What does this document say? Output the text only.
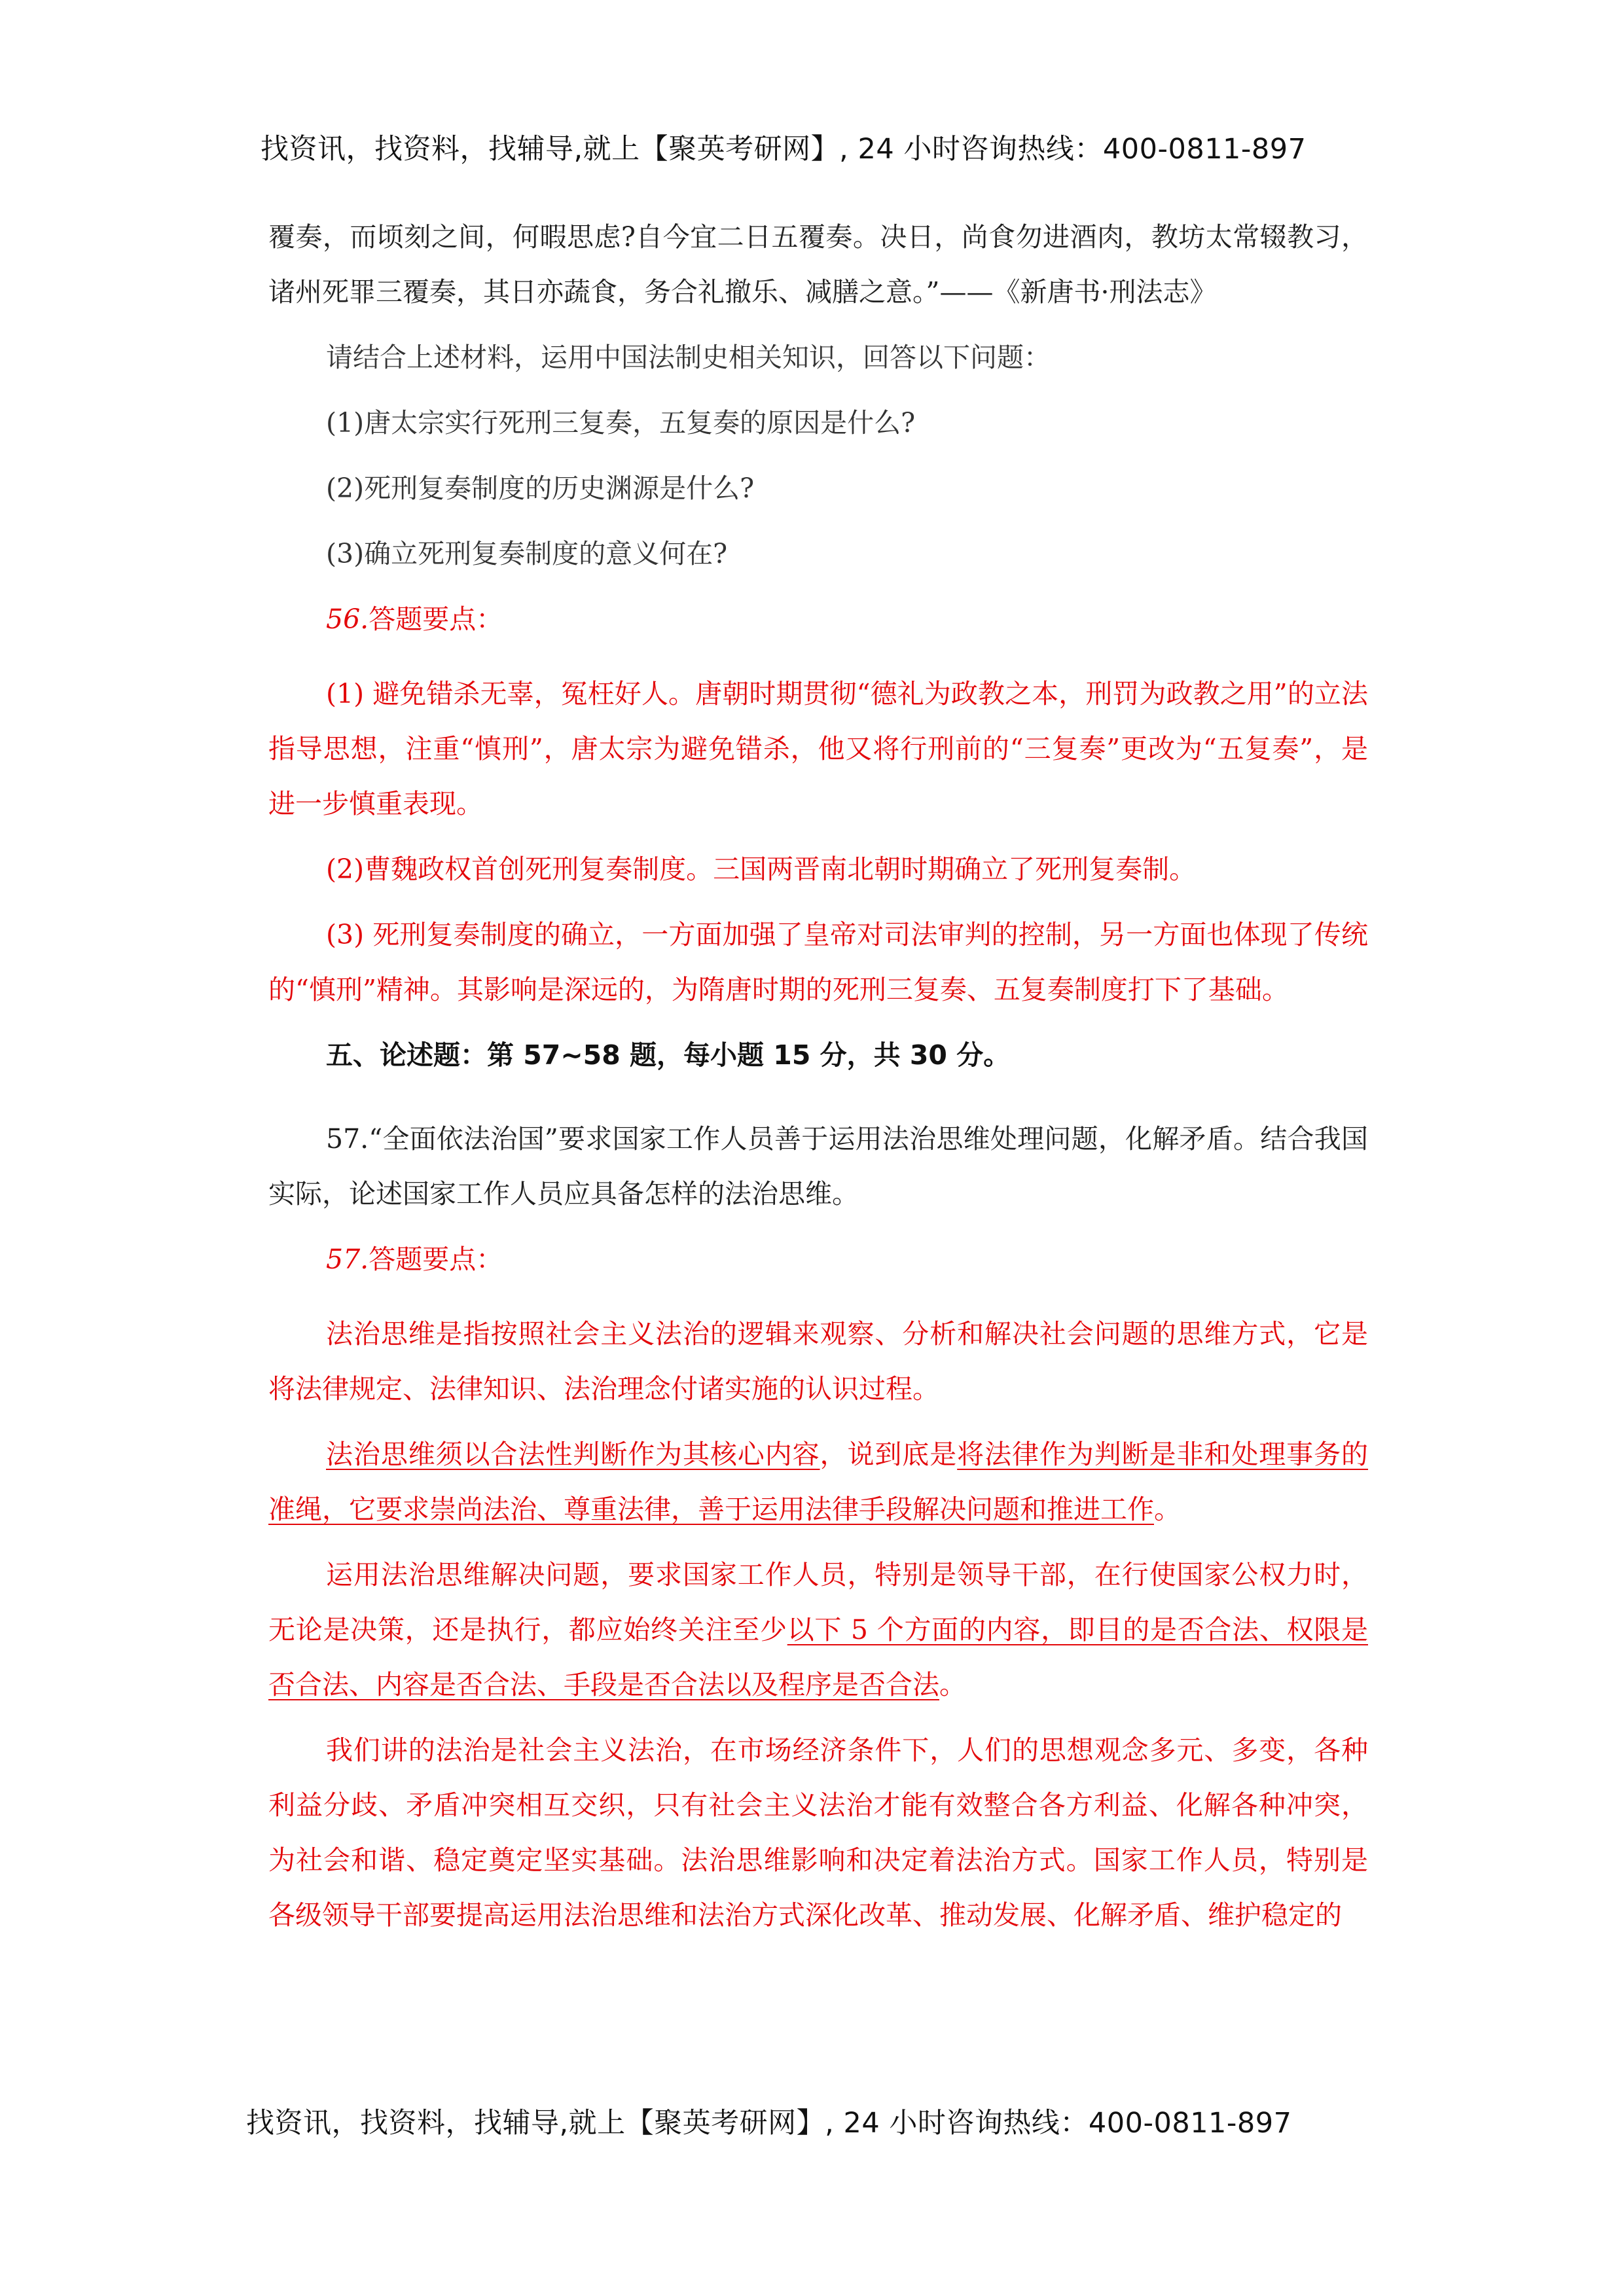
找资讯，找资料，找辅导,就上【聚英考研网】, 24 小时咨询热线：400-0811-897

覆奏，而顷刻之间，何暇思虑?自今宜二日五覆奏。决日，尚食勿进酒肉，教坊太常辍教习，诸州死罪三覆奏，其日亦蔬食，务合礼撤乐、减膳之意。”——《新唐书·刑法志》

请结合上述材料，运用中国法制史相关知识，回答以下问题：

(1)唐太宗实行死刑三复奏，五复奏的原因是什么?

(2)死刑复奏制度的历史渊源是什么?

(3)确立死刑复奏制度的意义何在?

56.答题要点：

(1) 避免错杀无辜，冤枉好人。唐朝时期贯彻“德礼为政教之本，刑罚为政教之用”的立法指导思想，注重“慎刑”，唐太宗为避免错杀，他又将行刑前的“三复奏”更改为“五复奏”，是进一步慎重表现。

(2)曹魏政权首创死刑复奏制度。三国两晋南北朝时期确立了死刑复奏制。

(3) 死刑复奏制度的确立，一方面加强了皇帝对司法审判的控制，另一方面也体现了传统的“慎刑”精神。其影响是深远的，为隋唐时期的死刑三复奏、五复奏制度打下了基础。

五、论述题：第 57~58 题，每小题 15 分，共 30 分。

57.“全面依法治国”要求国家工作人员善于运用法治思维处理问题，化解矛盾。结合我国实际，论述国家工作人员应具备怎样的法治思维。

57.答题要点：

法治思维是指按照社会主义法治的逻辑来观察、分析和解决社会问题的思维方式，它是将法律规定、法律知识、法治理念付诸实施的认识过程。

法治思维须以合法性判断作为其核心内容，说到底是将法律作为判断是非和处理事务的准绳，它要求崇尚法治、尊重法律，善于运用法律手段解决问题和推进工作。

运用法治思维解决问题，要求国家工作人员，特别是领导干部，在行使国家公权力时，无论是决策，还是执行，都应始终关注至少以下 5 个方面的内容，即目的是否合法、权限是否合法、内容是否合法、手段是否合法以及程序是否合法。

我们讲的法治是社会主义法治，在市场经济条件下，人们的思想观念多元、多变，各种利益分歧、矛盾冲突相互交织，只有社会主义法治才能有效整合各方利益、化解各种冲突，为社会和谐、稳定奠定坚实基础。法治思维影响和决定着法治方式。国家工作人员，特别是各级领导干部要提高运用法治思维和法治方式深化改革、推动发展、化解矛盾、维护稳定的

找资讯，找资料，找辅导,就上【聚英考研网】, 24 小时咨询热线：400-0811-897
